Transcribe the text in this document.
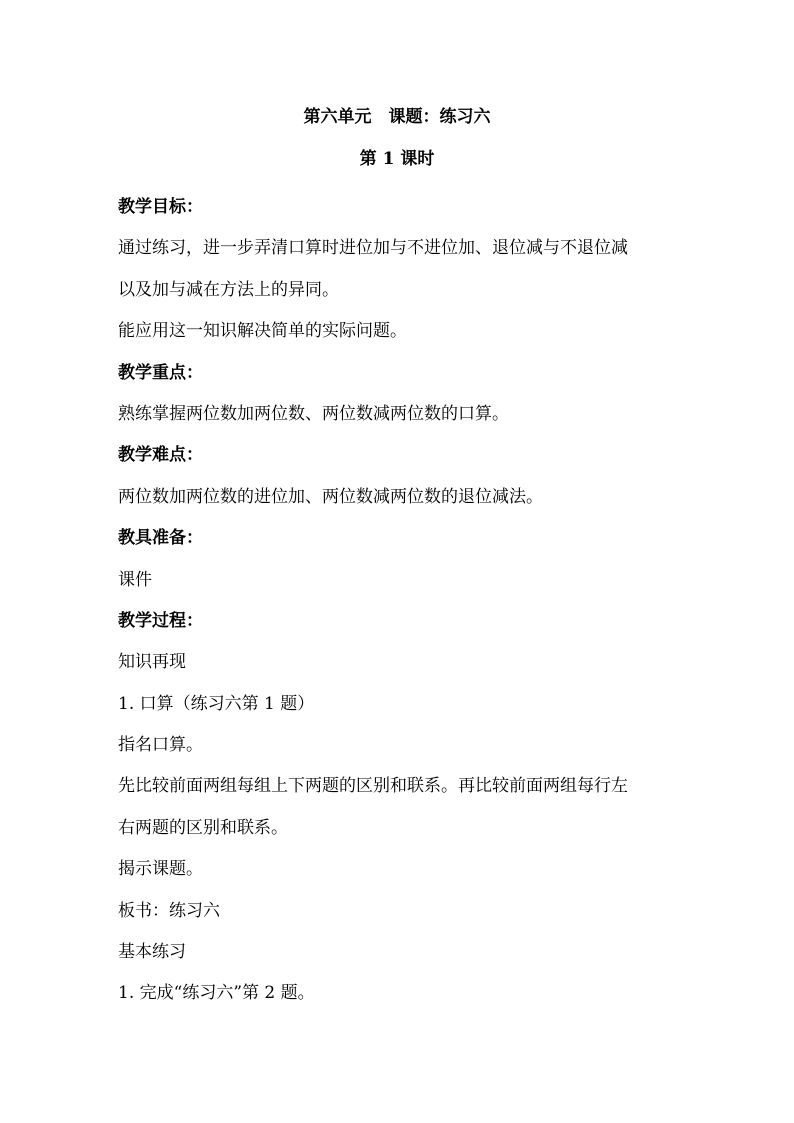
第六单元　课题：练习六
第 1 课时
教学目标：
通过练习，进一步弄清口算时进位加与不进位加、退位减与不退位减
以及加与减在方法上的异同。
能应用这一知识解决简单的实际问题。
教学重点：
熟练掌握两位数加两位数、两位数减两位数的口算。
教学难点：
两位数加两位数的进位加、两位数减两位数的退位减法。
教具准备：
课件
教学过程：
知识再现
1. 口算（练习六第 1 题）
指名口算。
先比较前面两组每组上下两题的区别和联系。再比较前面两组每行左
右两题的区别和联系。
揭示课题。
板书：练习六
基本练习
1. 完成“练习六”第 2 题。
